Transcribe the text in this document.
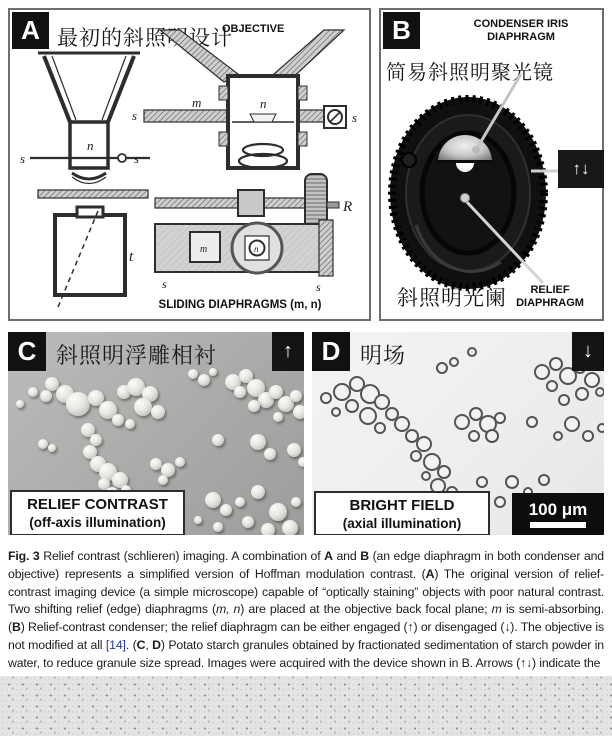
A 最初的斜照明设计
OBJECTIVE
s
n
s
t
s
m	n
s
R
m	n
s	s
SLIDING DIAPHRAGMS (m, n)
B	CONDENSER IRIS
DIAPHRAGM
简易斜照明聚光镜
↑↓
斜照明光阑	RELIEF
DIAPHRAGM
C 斜照明浮雕相衬	↑
RELIEF CONTRAST
(off-axis illumination)
D 明场	↓
BRIGHT FIELD
(axial illumination)
100 μm
Fig. 3 Relief contrast (schlieren) imaging. A combination of A and B (an edge diaphragm in both condenser and objective) represents a simplified version of Hoffman modulation contrast. (A) The original version of relief-contrast imaging device (a simple microscope) capable of “optically staining” objects with poor natural contrast. Two shifting relief (edge) diaphragms (m, n) are placed at the objective back focal plane; m is semi-absorbing. (B) Relief-contrast condenser; the relief diaphragm can be either engaged (↑) or disengaged (↓). The objective is not modified at all [14]. (C, D) Potato starch granules obtained by fractionated sedimentation of starch powder in water, to reduce granule size spread. Images were acquired with the device shown in B. Arrows (↑↓) indicate the
